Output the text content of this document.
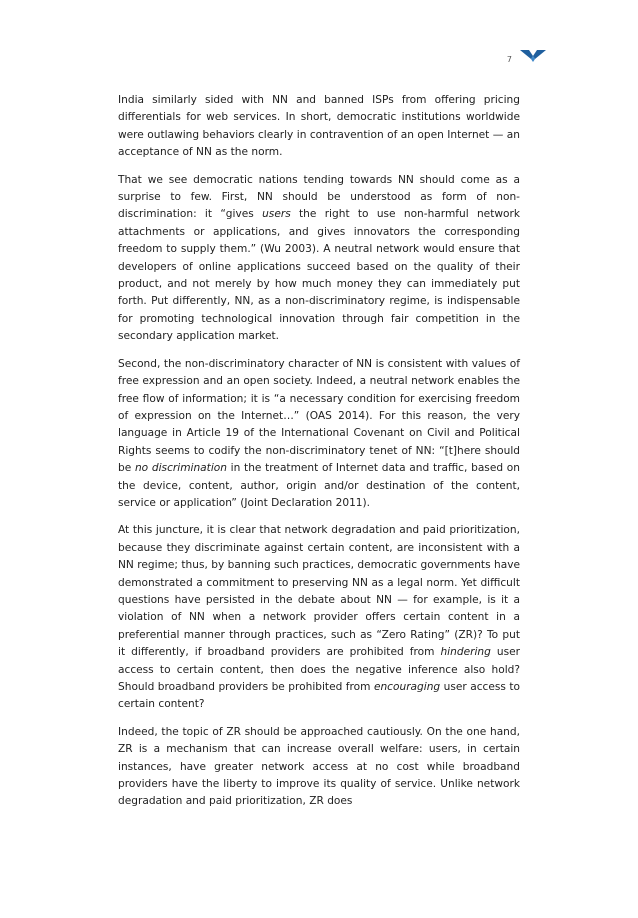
7

India similarly sided with NN and banned ISPs from offering pricing differentials for web services. In short, democratic institutions worldwide were outlawing behaviors clearly in contravention of an open Internet — an acceptance of NN as the norm.

That we see democratic nations tending towards NN should come as a surprise to few. First, NN should be understood as form of non-discrimination: it “gives users the right to use non-harmful network attachments or applications, and gives innovators the corresponding freedom to supply them.” (Wu 2003). A neutral network would ensure that developers of online applications succeed based on the quality of their product, and not merely by how much money they can immediately put forth. Put differently, NN, as a non-discriminatory regime, is indispensable for promoting technological innovation through fair competition in the secondary application market.

Second, the non-discriminatory character of NN is consistent with values of free expression and an open society. Indeed, a neutral network enables the free flow of information; it is “a necessary condition for exercising freedom of expression on the Internet…” (OAS 2014). For this reason, the very language in Article 19 of the International Covenant on Civil and Political Rights seems to codify the non-discriminatory tenet of NN: “[t]here should be no discrimination in the treatment of Internet data and traffic, based on the device, content, author, origin and/or destination of the content, service or application” (Joint Declaration 2011).

At this juncture, it is clear that network degradation and paid prioritization, because they discriminate against certain content, are inconsistent with a NN regime; thus, by banning such practices, democratic governments have demonstrated a commitment to preserving NN as a legal norm. Yet difficult questions have persisted in the debate about NN — for example, is it a violation of NN when a network provider offers certain content in a preferential manner through practices, such as “Zero Rating” (ZR)? To put it differently, if broadband providers are prohibited from hindering user access to certain content, then does the negative inference also hold? Should broadband providers be prohibited from encouraging user access to certain content?

Indeed, the topic of ZR should be approached cautiously. On the one hand, ZR is a mechanism that can increase overall welfare: users, in certain instances, have greater network access at no cost while broadband providers have the liberty to improve its quality of service. Unlike network degradation and paid prioritization, ZR does
